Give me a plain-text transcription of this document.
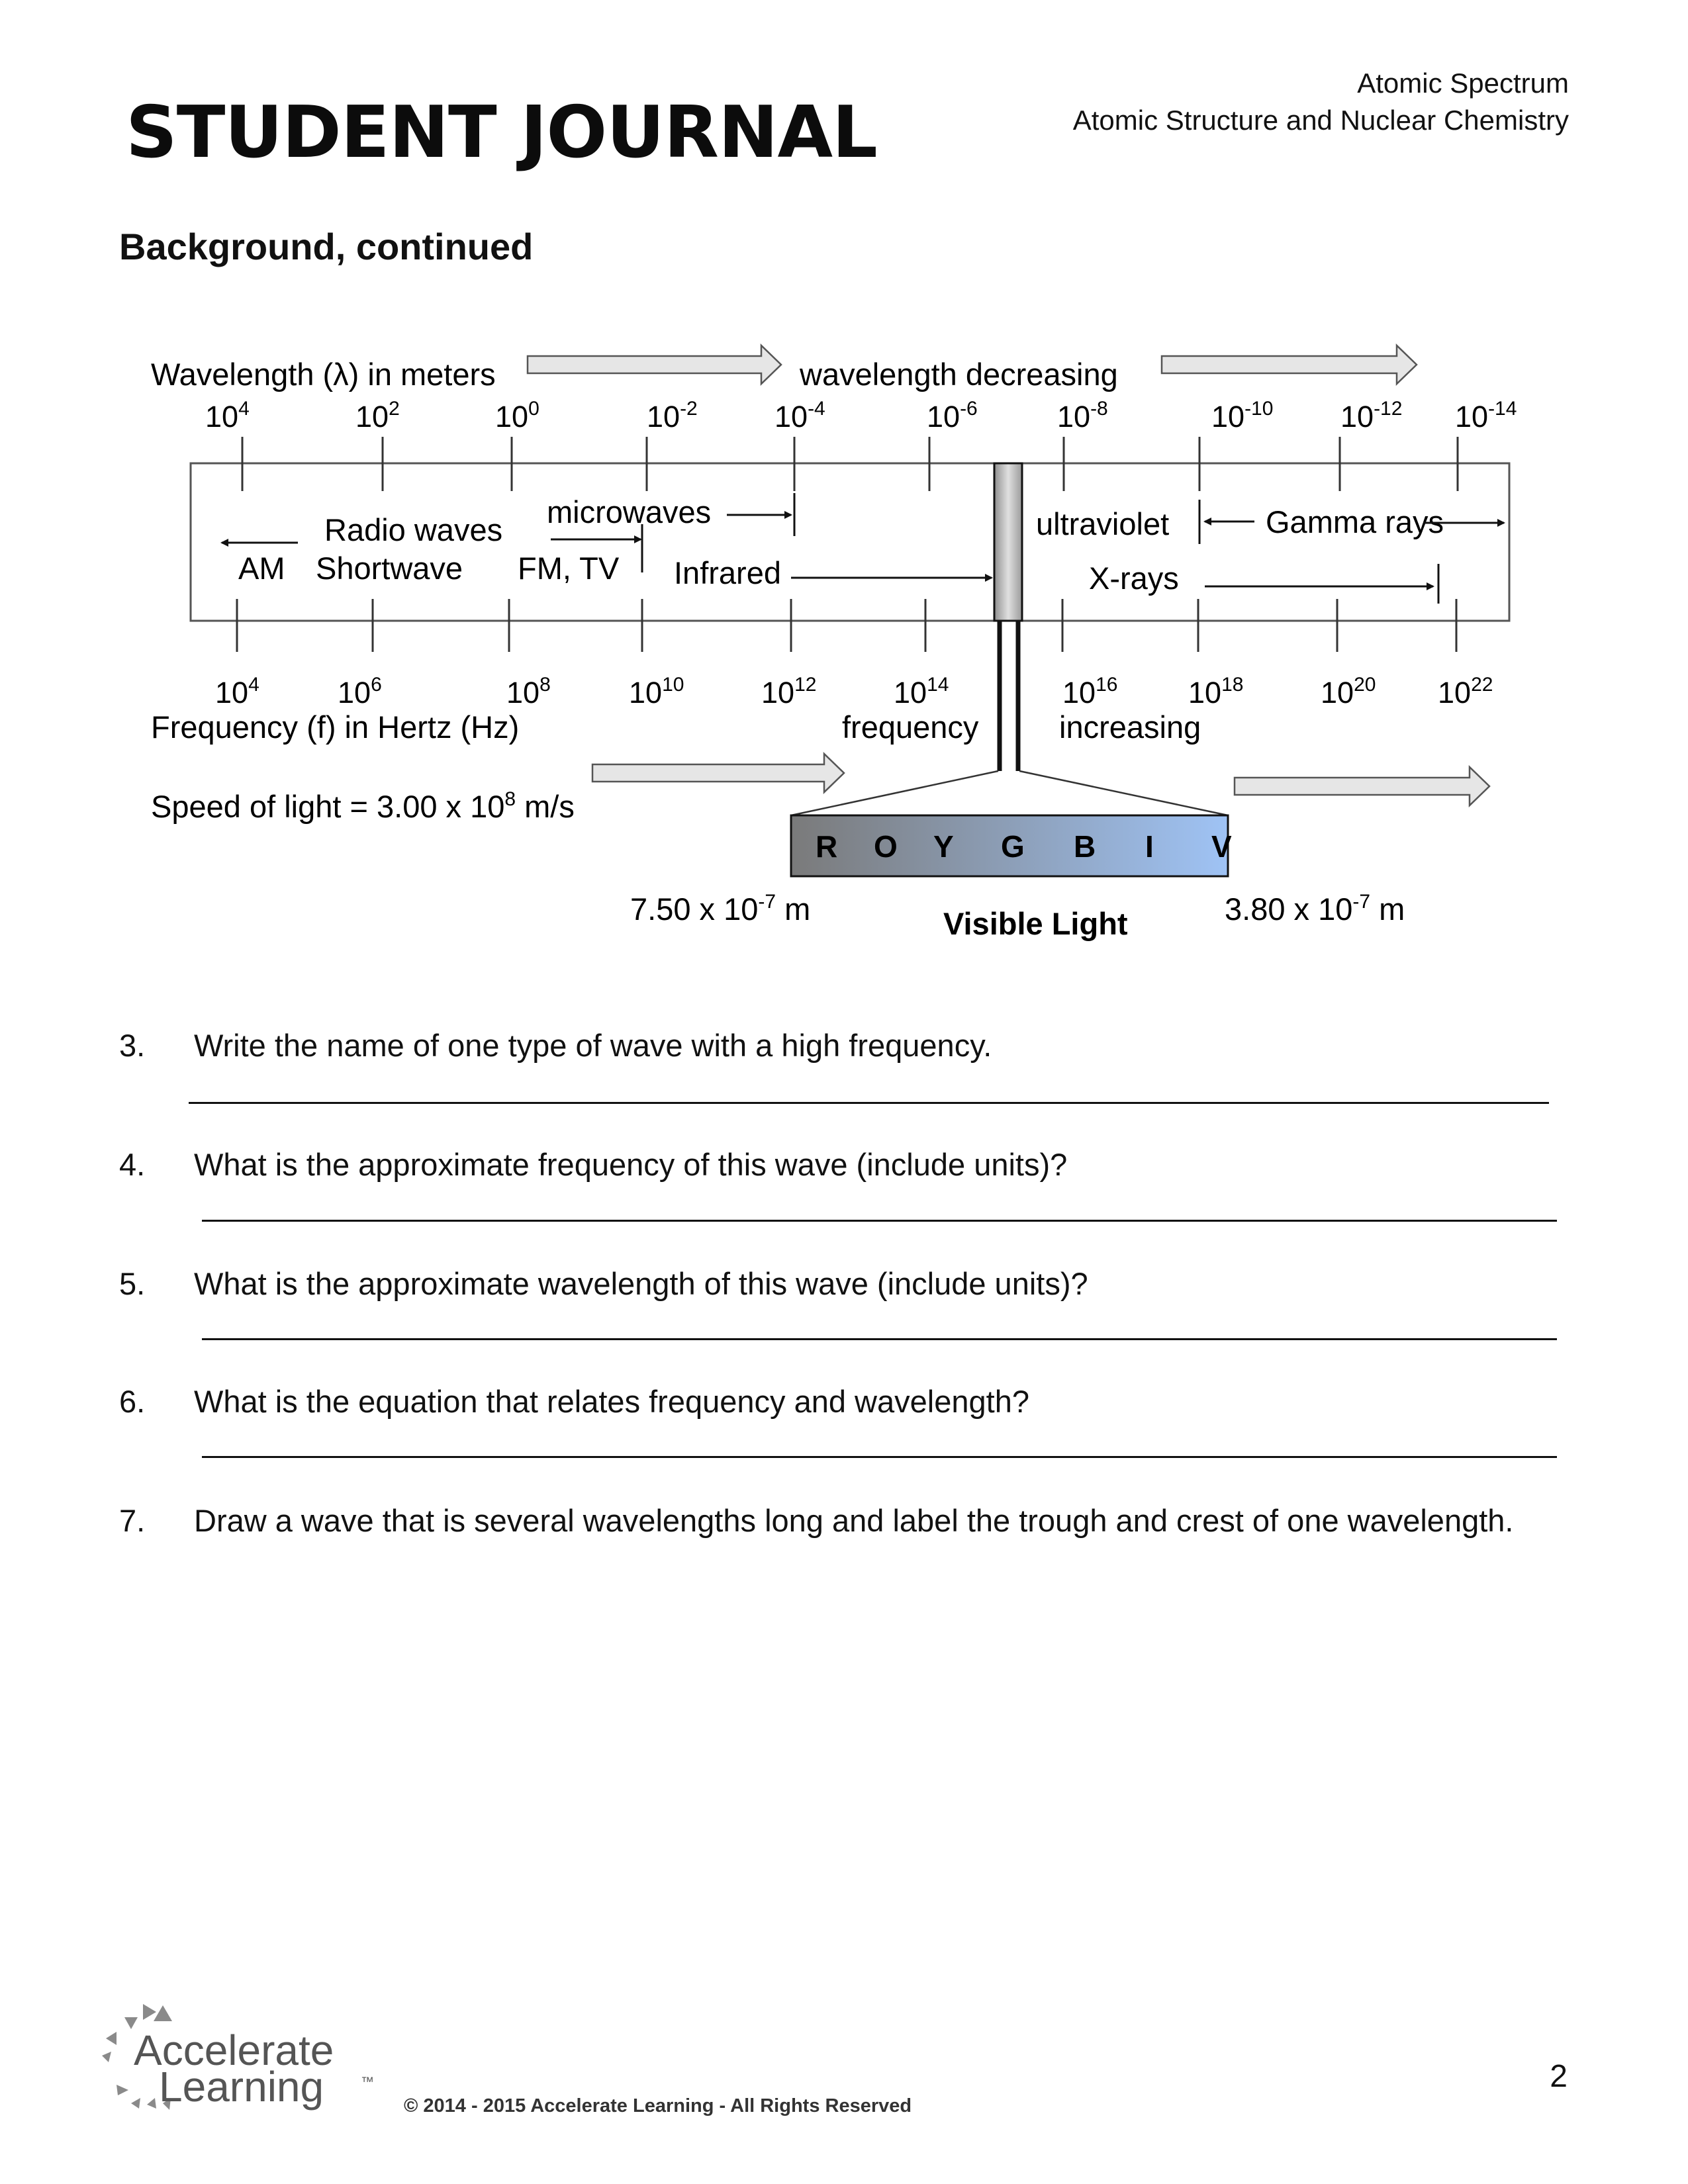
STUDENT JOURNAL
Atomic Spectrum
Atomic Structure and Nuclear Chemistry
Background, continued
Wavelength (λ) in meters	wavelength decreasing
$10^4$	$10^2$	$10^0$	$10^{-2}$	$10^{-4}$	$10^{-6}$	$10^{-8}$	$10^{-10}$ $10^{-12}$ $10^{-14}$
Radio waves
microwaves
AM Shortwave FM, TV Infrared
ultraviolet	Gamma rays
X-rays
$10^4$	$10^6$	$10^8$	$10^{10}$	$10^{12}$	$10^{14}$	$10^{16}$ $10^{18}$	$10^{20}$ $10^{22}$
Frequency (f) in Hertz (Hz)	frequency	increasing
Speed of light = 3.00 x $10^8$ m/s
R O Y G B I V
7.50 x $10^{-7}$ m	3.80 x $10^{-7}$ m
Visible Light
3. Write the name of one type of wave with a high frequency.
4. What is the approximate frequency of this wave (include units)?
5. What is the approximate wavelength of this wave (include units)?
6. What is the equation that relates frequency and wavelength?
7. Draw a wave that is several wavelengths long and label the trough and crest of one wavelength.
Accelerate
Learning	™
© 2014 - 2015 Accelerate Learning - All Rights Reserved
2
